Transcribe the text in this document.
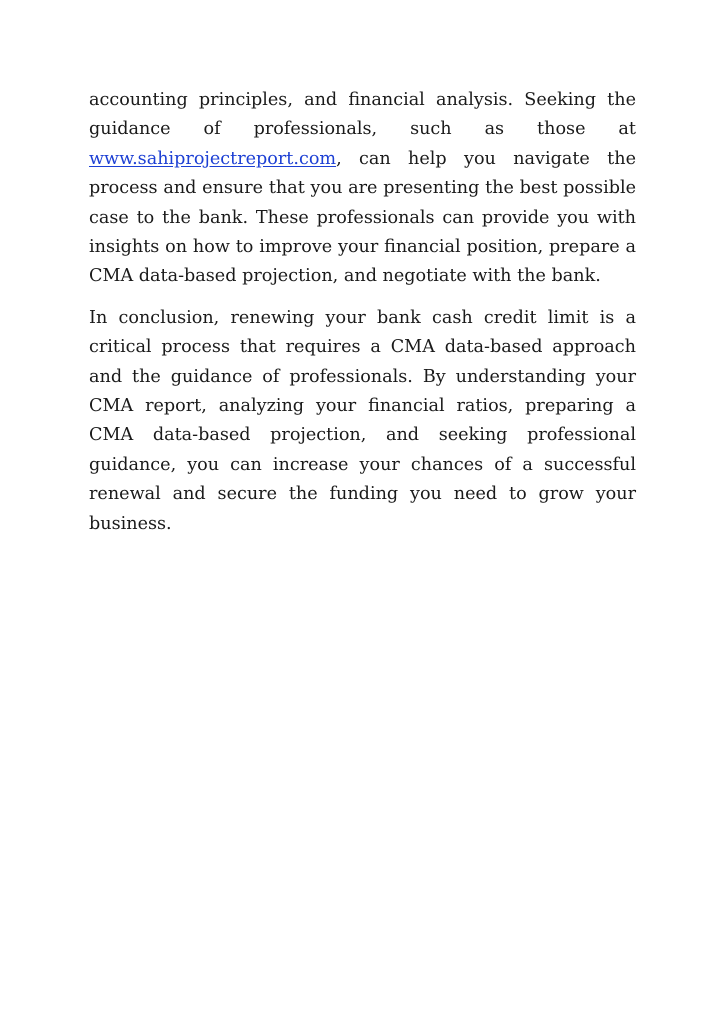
accounting principles, and financial analysis. Seeking the guidance of professionals, such as those at www.sahiprojectreport.com, can help you navigate the process and ensure that you are presenting the best possible case to the bank. These professionals can provide you with insights on how to improve your financial position, prepare a CMA data-based projection, and negotiate with the bank.

In conclusion, renewing your bank cash credit limit is a critical process that requires a CMA data-based approach and the guidance of professionals. By understanding your CMA report, analyzing your financial ratios, preparing a CMA data-based projection, and seeking professional guidance, you can increase your chances of a successful renewal and secure the funding you need to grow your business.
